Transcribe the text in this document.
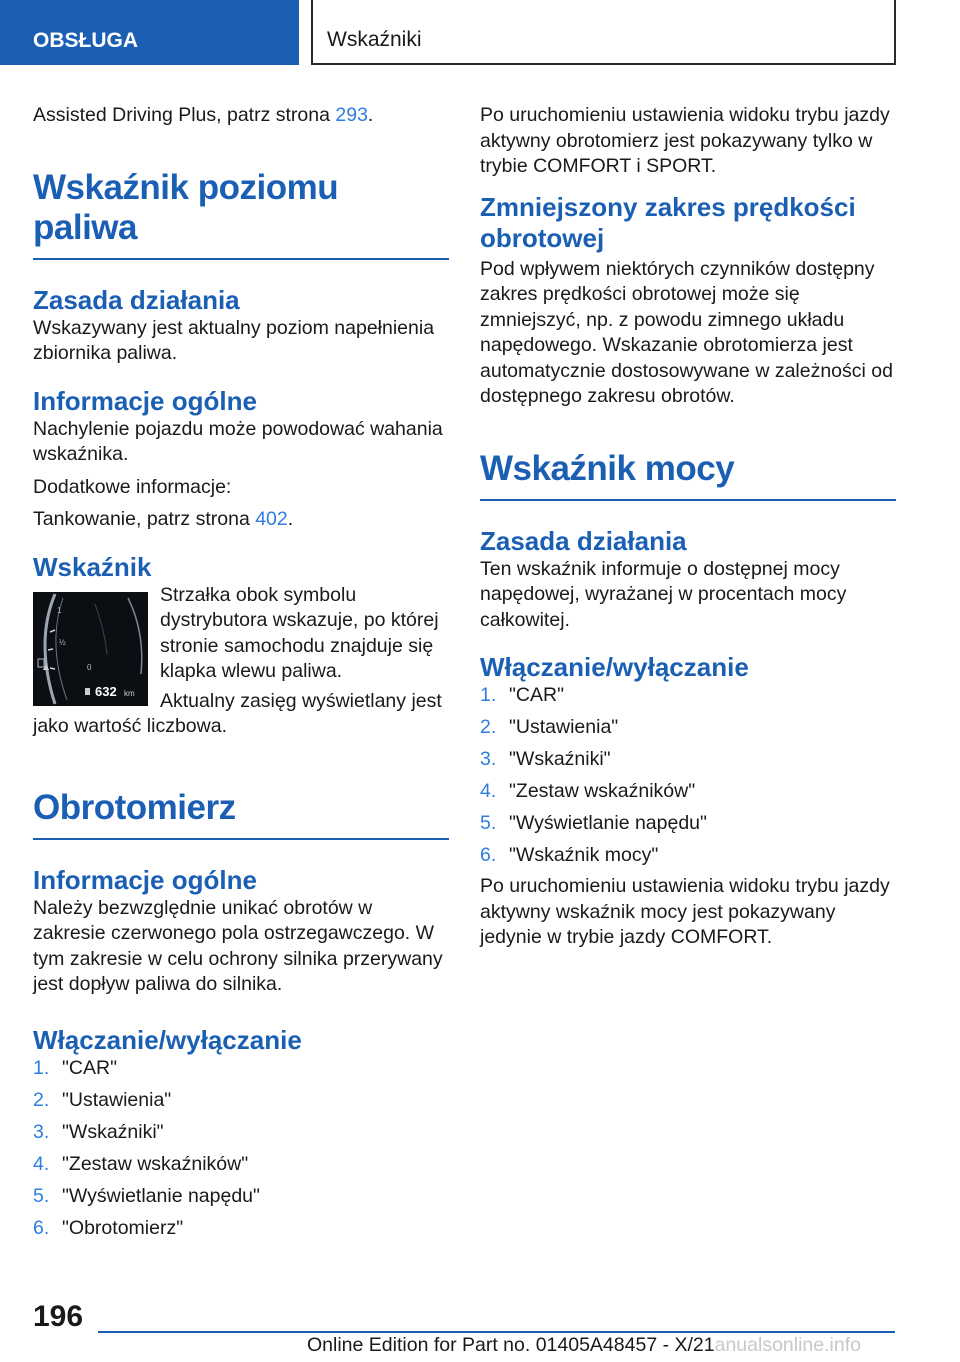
OBSŁUGA	Wskaźniki

Assisted Driving Plus, patrz strona 293.

Wskaźnik poziomu paliwa
Zasada działania

Wskazywany jest aktualny poziom napełnienia zbiornika paliwa.

Informacje ogólne

Nachylenie pojazdu może powodować wahania wskaźnika.

Dodatkowe informacje:

Tankowanie, patrz strona 402.

Wskaźnik
1
½
0
632 km

Strzałka obok symbolu dystrybutora wskazuje, po której stronie samochodu znajduje się klapka wlewu paliwa.

Aktualny zasięg wyświetlany jest jako wartość liczbowa.

Obrotomierz
Informacje ogólne

Należy bezwzględnie unikać obrotów w zakresie czerwonego pola ostrzegawczego. W tym zakresie w celu ochrony silnika przerywany jest dopływ paliwa do silnika.

Włączanie/wyłączanie
1. "CAR"
2. "Ustawienia"
3. "Wskaźniki"
4. "Zestaw wskaźników"
5. "Wyświetlanie napędu"
6. "Obrotomierz"

Po uruchomieniu ustawienia widoku trybu jazdy aktywny obrotomierz jest pokazywany tylko w trybie COMFORT i SPORT.

Zmniejszony zakres prędkości obrotowej

Pod wpływem niektórych czynników dostępny zakres prędkości obrotowej może się zmniejszyć, np. z powodu zimnego układu napędowego. Wskazanie obrotomierza jest automatycznie dostosowywane w zależności od dostępnego zakresu obrotów.

Wskaźnik mocy
Zasada działania

Ten wskaźnik informuje o dostępnej mocy napędowej, wyrażanej w procentach mocy całkowitej.

Włączanie/wyłączanie
1. "CAR"
2. "Ustawienia"
3. "Wskaźniki"
4. "Zestaw wskaźników"
5. "Wyświetlanie napędu"
6. "Wskaźnik mocy"

Po uruchomieniu ustawienia widoku trybu jazdy aktywny wskaźnik mocy jest pokazywany jedynie w trybie jazdy COMFORT.

196
Online Edition for Part no. 01405A48457 - X/21anualsonline.info
